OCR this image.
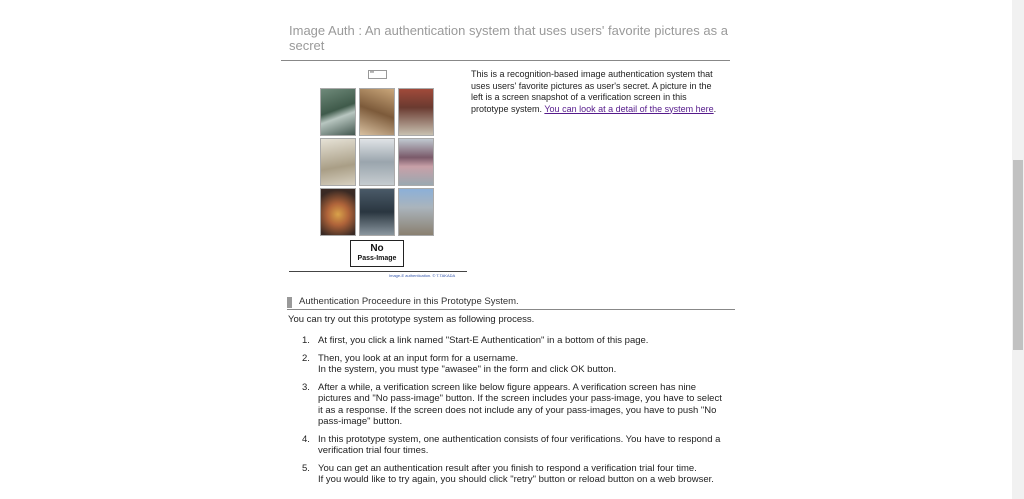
Image Auth : An authentication system that uses users' favorite pictures as a secret
**
No
Pass-Image
Image-E authentication. © T.TAKADA

This is a recognition-based image authentication system that uses users' favorite pictures as user's secret. A picture in the left is a screen snapshot of a verification screen in this prototype system. You can look at a detail of the system here.

Authentication Proceedure in this Prototype System.

You can try out this prototype system as following process.

1. At first, you click a link named "Start-E Authentication" in a bottom of this page.
2. Then, you look at an input form for a username.
In the system, you must type "awasee" in the form and click OK button.
3. After a while, a verification screen like below figure appears. A verification screen has nine pictures and "No pass-image" button. If the screen includes your pass-image, you have to select it as a response. If the screen does not include any of your pass-images, you have to push "No pass-image" button.
4. In this prototype system, one authentication consists of four verifications. You have to respond a verification trial four times.
5. You can get an authentication result after you finish to respond a verification trial four time.
If you would like to try again, you should click "retry" button or reload button on a web browser.
